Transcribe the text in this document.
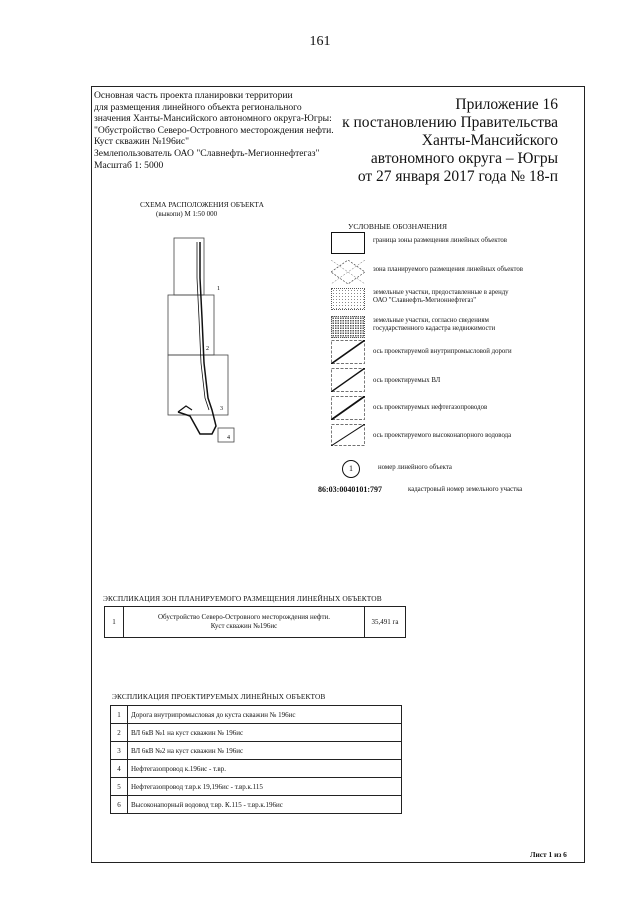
161
Основная часть проекта планировки территории
для размещения линейного объекта регионального
значения Ханты-Мансийского автономного округа-Югры:
"Обустройство Северо-Островного месторождения нефти.
Куст скважин №196ис"
Землепользователь ОАО "Славнефть-Мегионнефтегаз"
Масштаб 1: 5000
Приложение 16
к постановлению Правительства
Ханты-Мансийского
автономного округа – Югры
от 27 января 2017 года № 18-п
СХЕМА РАСПОЛОЖЕНИЯ ОБЪЕКТА
(выкопи) М 1:50 000
1
2
3
4
УСЛОВНЫЕ ОБОЗНАЧЕНИЯ
граница зоны размещения линейных объектов
зона планируемого размещения линейных объектов
земельные участки, предоставленные в аренду
ОАО "Славнефть-Мегионнефтегаз"
земельные участки, согласно сведениям
государственного кадастра недвижимости
ось проектируемой внутрипромысловой дороги
ось проектируемых ВЛ
ось проектируемых нефтегазопроводов
ось проектируемого высоконапорного водовода
1	номер линейного объекта
86:03:0040101:797	кадастровый номер земельного участка
ЭКСПЛИКАЦИЯ ЗОН ПЛАНИРУЕМОГО РАЗМЕЩЕНИЯ ЛИНЕЙНЫХ ОБЪЕКТОВ
1	Обустройство Северо-Островного месторождения нефти.
Куст скважин №196ис	35,491 га
ЭКСПЛИКАЦИЯ ПРОЕКТИРУЕМЫХ ЛИНЕЙНЫХ ОБЪЕКТОВ
1	Дорога внутрипромысловая до куста скважин № 196ис
2	ВЛ 6кВ №1 на куст скважин № 196ис
3	ВЛ 6кВ №2 на куст скважин № 196ис
4	Нефтегазопровод к.196ис - т.вр.
5	Нефтегазопровод т.вр.к 19,196ис - т.вр.к.115
6	Высоконапорный водовод т.вр. К.115 - т.вр.к.196ис
Лист 1 из 6
